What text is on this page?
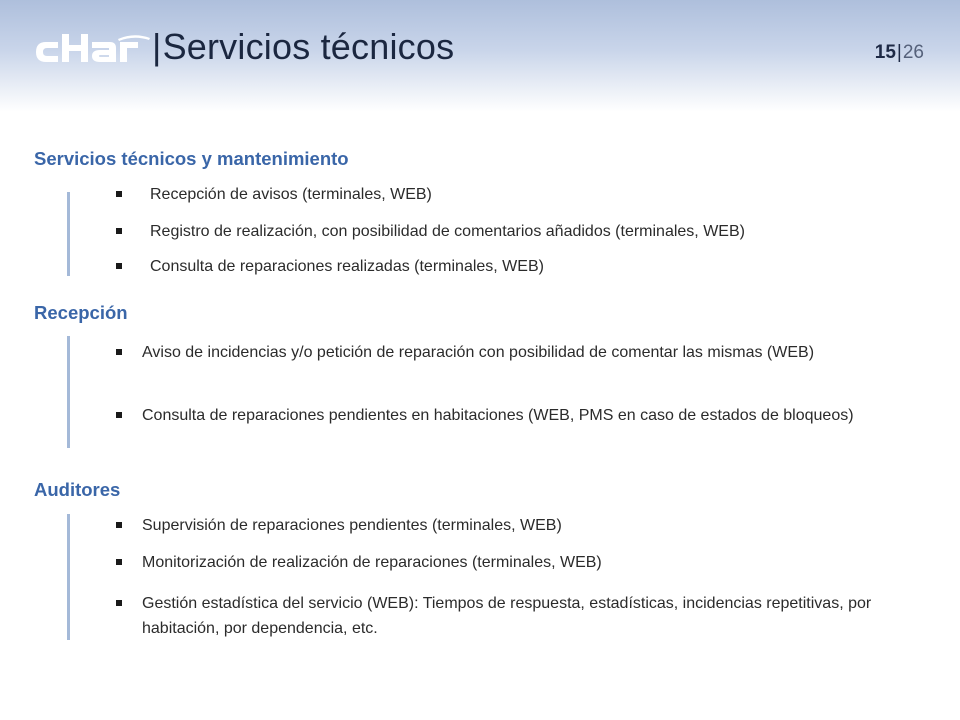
|Servicios técnicos	15|26
Servicios técnicos y mantenimiento
Recepción de avisos (terminales, WEB)
Registro de realización, con posibilidad de comentarios añadidos (terminales, WEB)
Consulta de reparaciones realizadas (terminales, WEB)
Recepción
Aviso de incidencias y/o petición de reparación con posibilidad de comentar las mismas (WEB)
Consulta de reparaciones pendientes en habitaciones (WEB, PMS en caso de estados de bloqueos)
Auditores
Supervisión de reparaciones pendientes (terminales, WEB)
Monitorización de realización de reparaciones (terminales, WEB)
Gestión estadística del servicio (WEB): Tiempos de respuesta, estadísticas, incidencias repetitivas, por habitación, por dependencia, etc.
